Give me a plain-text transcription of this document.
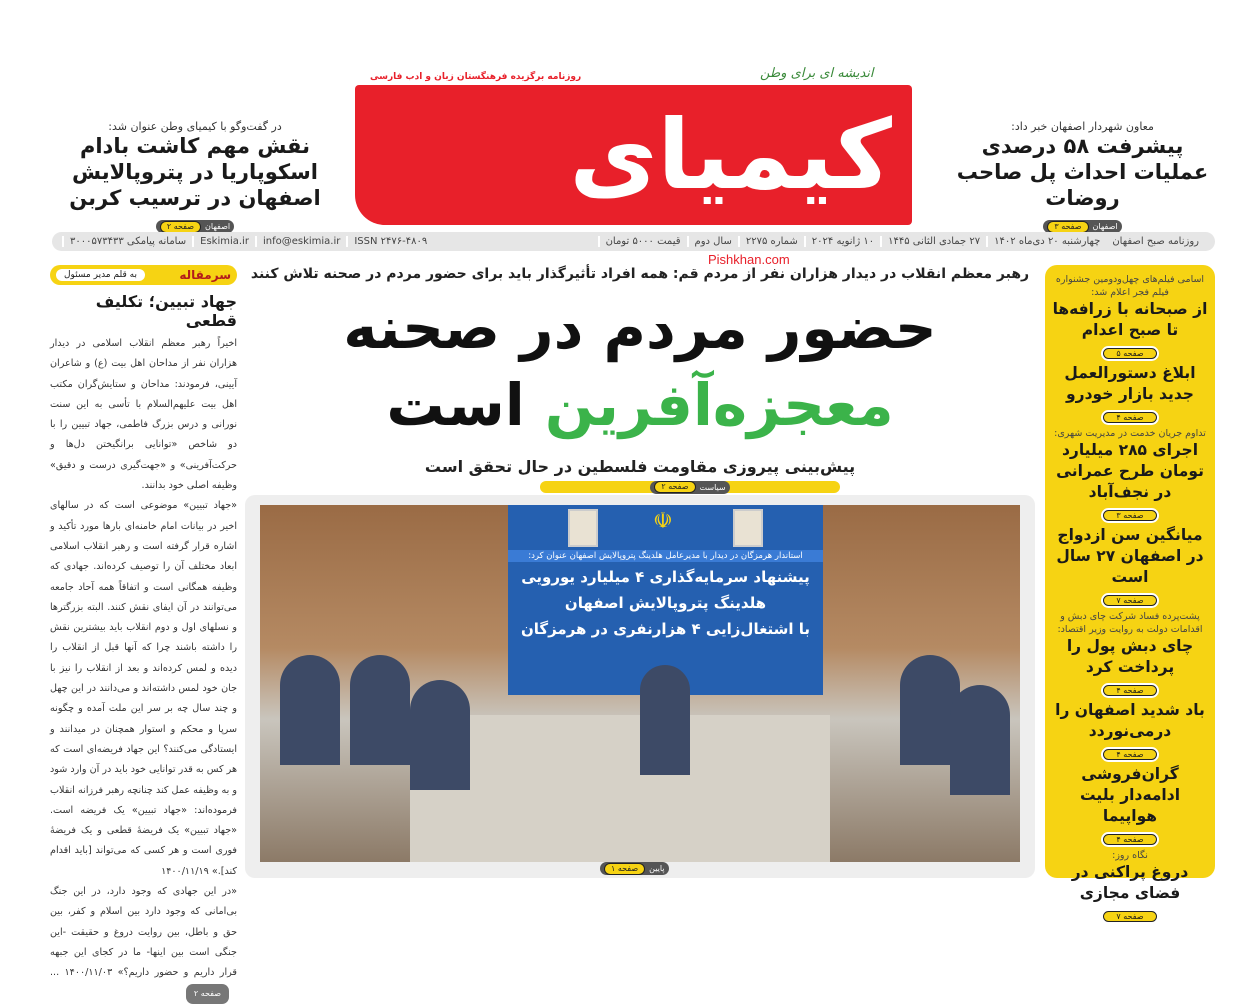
اندیشه ای برای وطن
روزنامه برگزیده فرهنگستان زبان و ادب فارسی
کیمیای
Pishkhan.com
معاون شهردار اصفهان خبر داد:
پیشرفت ۵۸ درصدی عملیات احداث پل صاحب روضات
اصفهان
صفحه ۳
در گفت‌وگو با کیمیای وطن عنوان شد:
نقش مهم کاشت بادام اسکوپاریا در پتروپالایش اصفهان در ترسیب کربن
اصفهان
صفحه ۲
روزنامه صبح اصفهان
چهارشنبه ۲۰ دی‌ماه ۱۴۰۲
۲۷ جمادی الثانی ۱۴۴۵
۱۰ ژانویه ۲۰۲۴
شماره ۲۲۷۵
سال دوم
قیمت ۵۰۰۰ تومان
ISSN ۲۴۷۶-۴۸۰۹
info@eskimia.ir
Eskimia.ir
سامانه پیامکی ۳۰۰۰۵۷۳۴۳۳
سرمقاله
به قلم مدیر مسئول
جهاد تبیین؛ تکلیف قطعی

اخیراً رهبر معظم انقلاب اسلامی در دیدار هزاران نفر از مداحان اهل بیت (ع) و شاعران آیینی، فرمودند: مداحان و ستایش‌گران مکتب اهل بیت علیهم‌السلام با تأسی به این سنت نورانی و درس بزرگ فاطمی، جهاد تبیین را با دو شاخص «توانایی برانگیختن دل‌ها و حرکت‌آفرینی» و «جهت‌گیری درست و دقیق» وظیفه اصلی خود بدانند.

«جهاد تبیین» موضوعی است که در سالهای اخیر در بیانات امام خامنه‌ای بارها مورد تأکید و اشاره قرار گرفته است و رهبر انقلاب اسلامی ابعاد مختلف آن را توصیف کرده‌اند. جهادی که وظیفه همگانی است و اتفاقاً همه آحاد جامعه می‌توانند در آن ایفای نقش کنند. البته بزرگترها و نسلهای اول و دوم انقلاب باید بیشترین نقش را داشته باشند چرا که آنها قبل از انقلاب را دیده و لمس کرده‌اند و بعد از انقلاب را نیز با جان خود لمس داشته‌اند و می‌دانند در این چهل و چند سال چه بر سر این ملت آمده و چگونه سرپا و محکم و استوار همچنان در میدانند و ایستادگی می‌کنند؟ این جهاد فریضه‌ای است که هر کس به قدر توانایی خود باید در آن وارد شود و به وظیفه عمل کند چنانچه رهبر فرزانه انقلاب فرموده‌اند: «جهاد تبیین» یک فریضه است. «جهاد تبیین» یک فریضهٔ قطعی و یک فریضهٔ فوری است و هر کسی که می‌تواند [باید اقدام کند].» ۱۴۰۰/۱۱/۱۹

«در این جهادی که وجود دارد، در این جنگ بی‌امانی که وجود دارد بین اسلام و کفر، بین حق و باطل، بین روایت دروغ و حقیقت -این جنگی است بین اینها- ما در کجای این جبهه قرار داریم و حضور داریم؟» ۱۴۰۰/۱۱/۰۳ ...صفحه ۲

رهبر معظم انقلاب در دیدار هزاران نفر از مردم قم: همه افراد تأثیرگذار باید برای حضور مردم در صحنه تلاش کنند
حضور مردم در صحنه
معجزه‌آفرین است
پیش‌بینی پیروزی مقاومت فلسطین در حال تحقق است
سیاست
صفحه ۲
☫
استاندار هرمزگان در دیدار با مدیرعامل هلدینگ پتروپالایش اصفهان عنوان کرد:
پیشنهاد سرمایه‌گذاری ۴ میلیارد یورویی
هلدینگ پتروپالایش اصفهان
با اشتغال‌زایی ۴ هزارنفری در هرمزگان
پایین
صفحه ۱
اسامی فیلم‌های چهل‌ودومین جشنواره فیلم فجر اعلام شد:
از صبحانه با زرافه‌ها تا صبح اعدام
صفحه ۵
ابلاغ دستورالعمل جدید بازار خودرو
صفحه ۴
تداوم جریان خدمت در مدیریت شهری:
اجرای ۲۸۵ میلیارد تومان طرح عمرانی در نجف‌آباد
صفحه ۳
میانگین سن ازدواج در اصفهان ۲۷ سال است
صفحه ۷
پشت‌پرده فساد شرکت چای دبش و اقدامات دولت به روایت وزیر اقتصاد:
چای دبش پول را پرداخت کرد
صفحه ۴
باد شدید اصفهان را درمی‌نوردد
صفحه ۴
گران‌فروشی ادامه‌دار بلیت هواپیما
صفحه ۴
نگاه روز:
دروغ پراکنی در فضای مجازی
صفحه ۷
